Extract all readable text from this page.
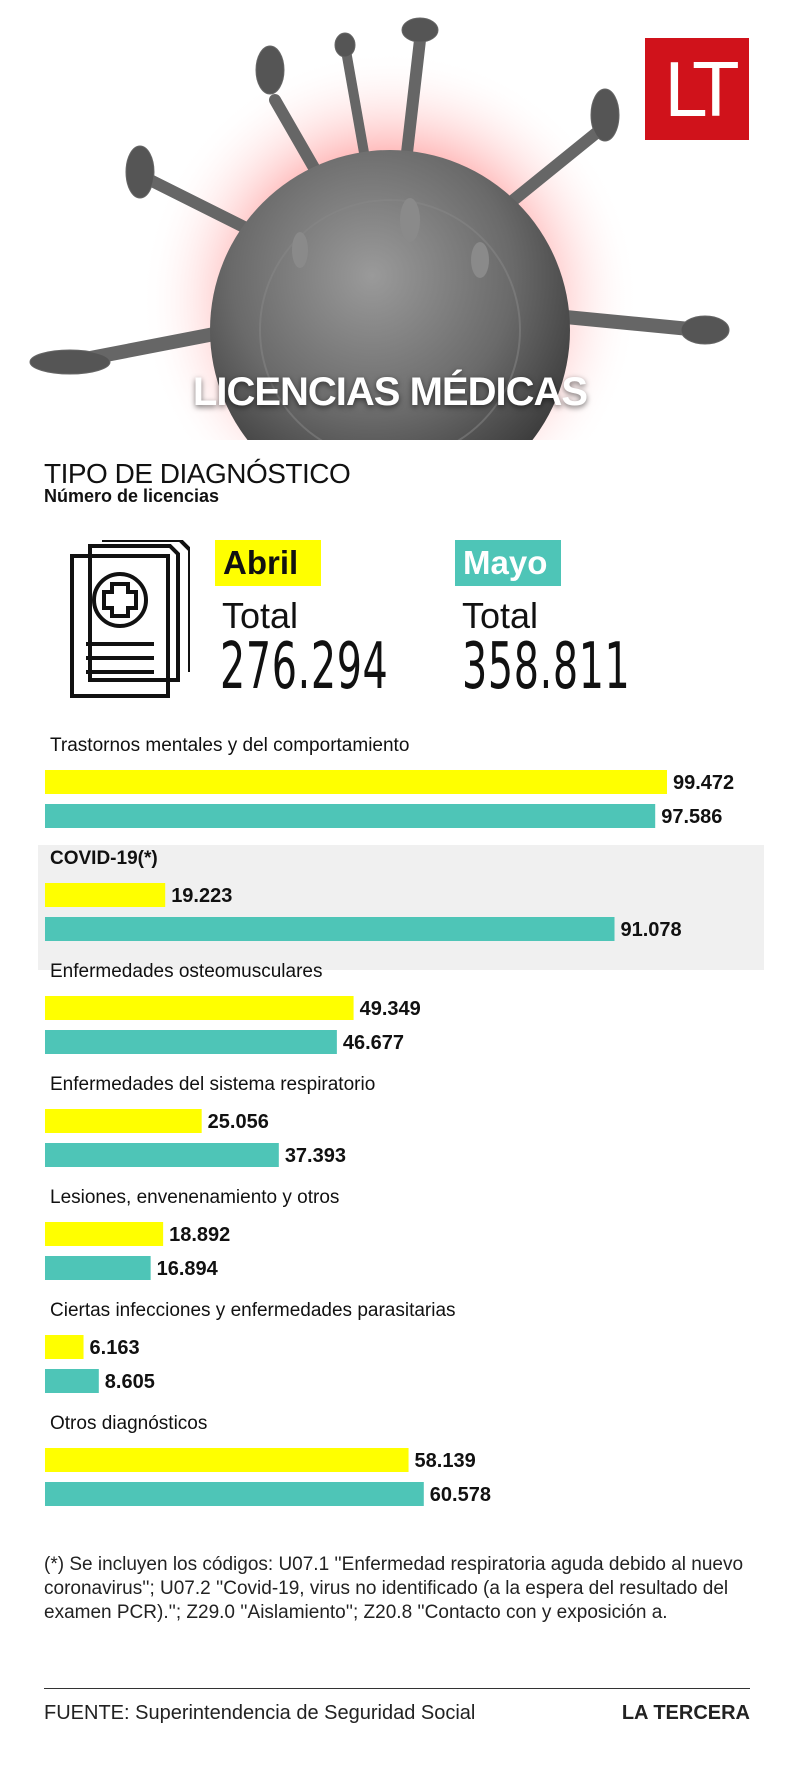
LICENCIAS MÉDICAS
LT
TIPO DE DIAGNÓSTICO
Número de licencias
Abril
Total
276.294
Mayo
Total
358.811
Trastornos mentales y del comportamiento
99.472
97.586
COVID-19(*)
19.223
91.078
Enfermedades osteomusculares
49.349
46.677
Enfermedades del sistema respiratorio
25.056
37.393
Lesiones, envenenamiento y otros
18.892
16.894
Ciertas infecciones y enfermedades parasitarias
6.163
8.605
Otros diagnósticos
58.139
60.578
(*) Se incluyen los códigos: U07.1 ''Enfermedad respiratoria aguda debido al nuevo coronavirus''; U07.2 ''Covid-19, virus no identificado (a la espera del resultado del examen PCR).''; Z29.0 ''Aislamiento''; Z20.8 ''Contacto con y exposición a.
FUENTE: Superintendencia de Seguridad Social	LA TERCERA
